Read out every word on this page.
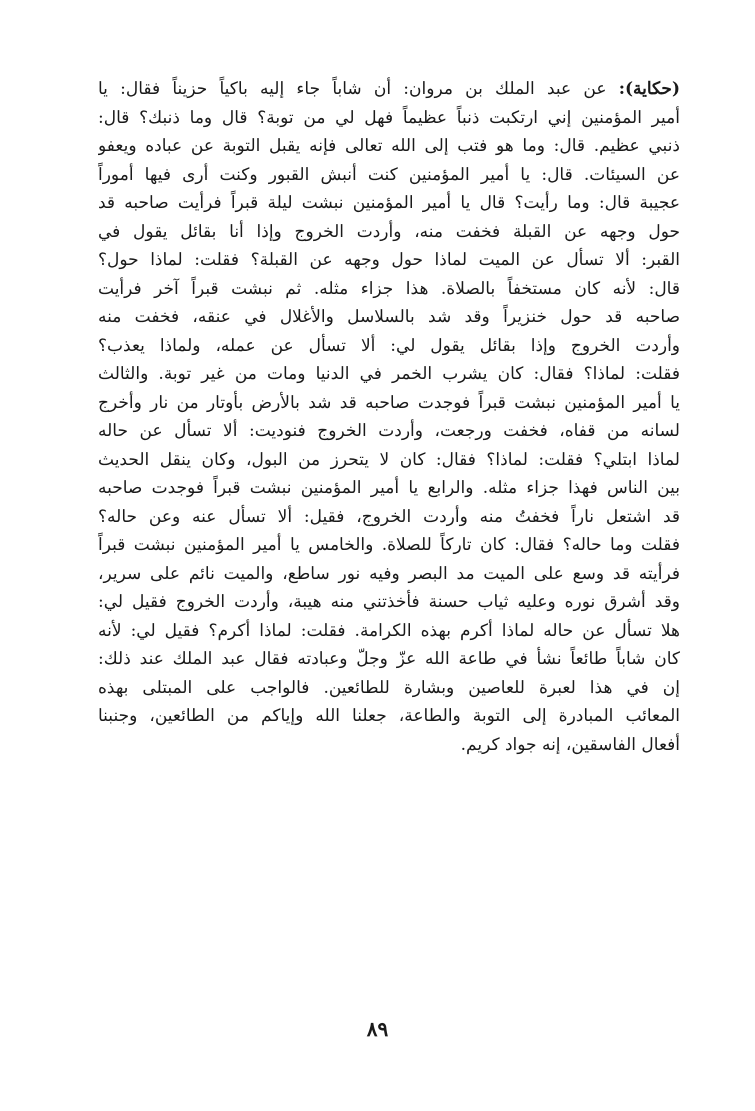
(حكاية): عن عبد الملك بن مروان: أن شاباً جاء إليه باكياً حزيناً فقال: يا
أمير المؤمنين إني ارتكبت ذنباً عظيماً فهل لي من توبة؟ قال وما ذنبك؟ قال:
ذنبي عظيم. قال: وما هو فتب إلى الله تعالى فإنه يقبل التوبة عن عباده ويعفو
عن السيئات. قال: يا أمير المؤمنين كنت أنبش القبور وكنت أرى فيها أموراً
عجيبة قال: وما رأيت؟ قال يا أمير المؤمنين نبشت ليلة قبراً فرأيت صاحبه قد
حول وجهه عن القبلة فخفت منه، وأردت الخروج وإذا أنا بقائل يقول في
القبر: ألا تسأل عن الميت لماذا حول وجهه عن القبلة؟ فقلت: لماذا حول؟
قال: لأنه كان مستخفاً بالصلاة. هذا جزاء مثله. ثم نبشت قبراً آخر فرأيت
صاحبه قد حول خنزيراً وقد شد بالسلاسل والأغلال في عنقه، فخفت منه
وأردت الخروج وإذا بقائل يقول لي: ألا تسأل عن عمله، ولماذا يعذب؟
فقلت: لماذا؟ فقال: كان يشرب الخمر في الدنيا ومات من غير توبة. والثالث
يا أمير المؤمنين نبشت قبراً فوجدت صاحبه قد شد بالأرض بأوتار من نار وأخرج
لسانه من قفاه، فخفت ورجعت، وأردت الخروج فنوديت: ألا تسأل عن حاله
لماذا ابتلي؟ فقلت: لماذا؟ فقال: كان لا يتحرز من البول، وكان ينقل الحديث
بين الناس فهذا جزاء مثله. والرابع يا أمير المؤمنين نبشت قبراً فوجدت صاحبه
قد اشتعل ناراً فخفتُ منه وأردت الخروج، فقيل: ألا تسأل عنه وعن حاله؟
فقلت وما حاله؟ فقال: كان تاركاً للصلاة. والخامس يا أمير المؤمنين نبشت قبراً
فرأيته قد وسع على الميت مد البصر وفيه نور ساطع، والميت نائم على سرير،
وقد أشرق نوره وعليه ثياب حسنة فأخذتني منه هيبة، وأردت الخروج فقيل لي:
هلا تسأل عن حاله لماذا أكرم بهذه الكرامة. فقلت: لماذا أكرم؟ فقيل لي: لأنه
كان شاباً طائعاً نشأ في طاعة الله عزّ وجلّ وعبادته فقال عبد الملك عند ذلك:
إن في هذا لعبرة للعاصين وبشارة للطائعين. فالواجب على المبتلى بهذه
المعائب المبادرة إلى التوبة والطاعة، جعلنا الله وإياكم من الطائعين، وجنبنا
أفعال الفاسقين، إنه جواد كريم.
٨٩
